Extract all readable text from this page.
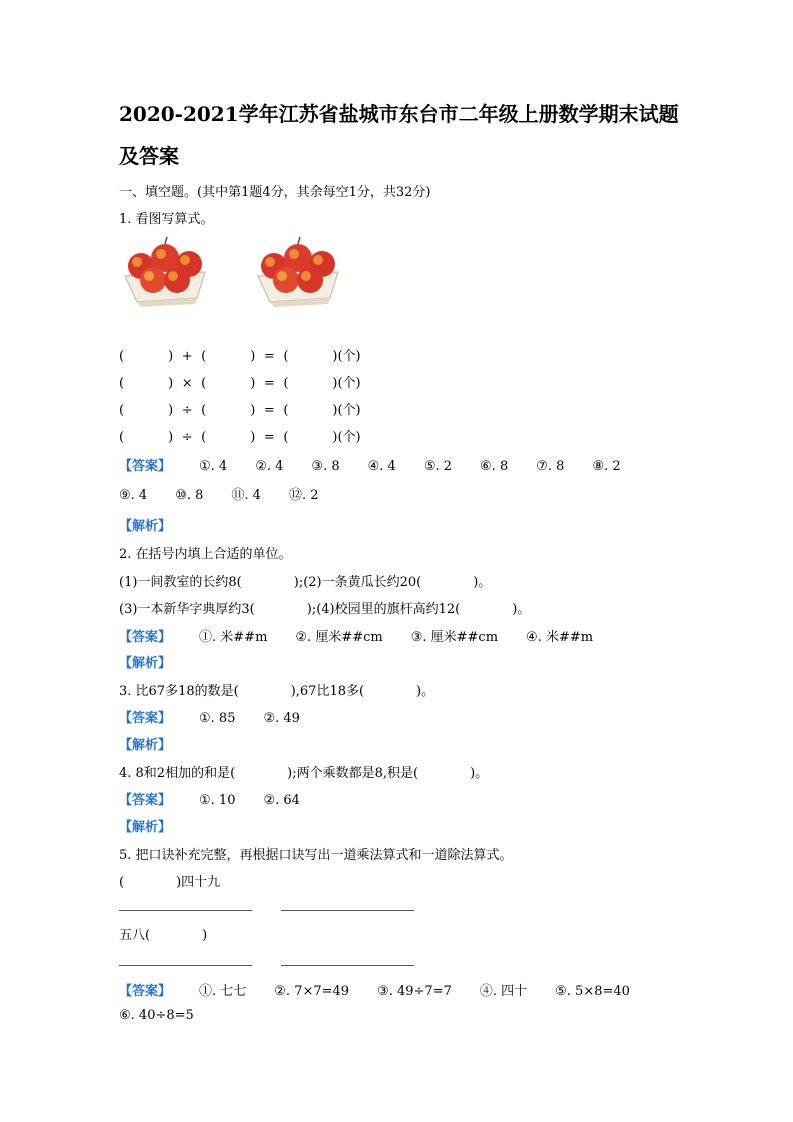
2020-2021学年江苏省盐城市东台市二年级上册数学期末试题及答案
一、填空题。(其中第1题4分，其余每空1分，共32分)
1. 看图写算式。
(	) + (	) = (	)(个)
(	) × (	) = (	)(个)
(	) ÷ (	) = (	)(个)
(	) ÷ (	) = (	)(个)
【答案】 ①. 4 ②. 4 ③. 8 ④. 4 ⑤. 2 ⑥. 8 ⑦. 8 ⑧. 2
⑨. 4 ⑩. 8 ⑪. 4 ⑫. 2
【解析】
2. 在括号内填上合适的单位。
(1)一间教室的长约8(　　　　);(2)一条黄瓜长约20(　　　　)。
(3)一本新华字典厚约3(　　　　);(4)校园里的旗杆高约12(　　　　)。
【答案】 ①. 米##m ②. 厘米##cm ③. 厘米##cm ④. 米##m
【解析】
3. 比67多18的数是(　　　　),67比18多(　　　　)。
【答案】 ①. 85 ②. 49
【解析】
4. 8和2相加的和是(　　　　);两个乘数都是8,积是(　　　　)。
【答案】 ①. 10 ②. 64
【解析】
5. 把口诀补充完整，再根据口诀写出一道乘法算式和一道除法算式。
(　　　　)四十九
五八(　　　　)
【答案】 ①. 七七 ②. 7×7=49 ③. 49÷7=7 ④. 四十 ⑤. 5×8=40
⑥. 40÷8=5
